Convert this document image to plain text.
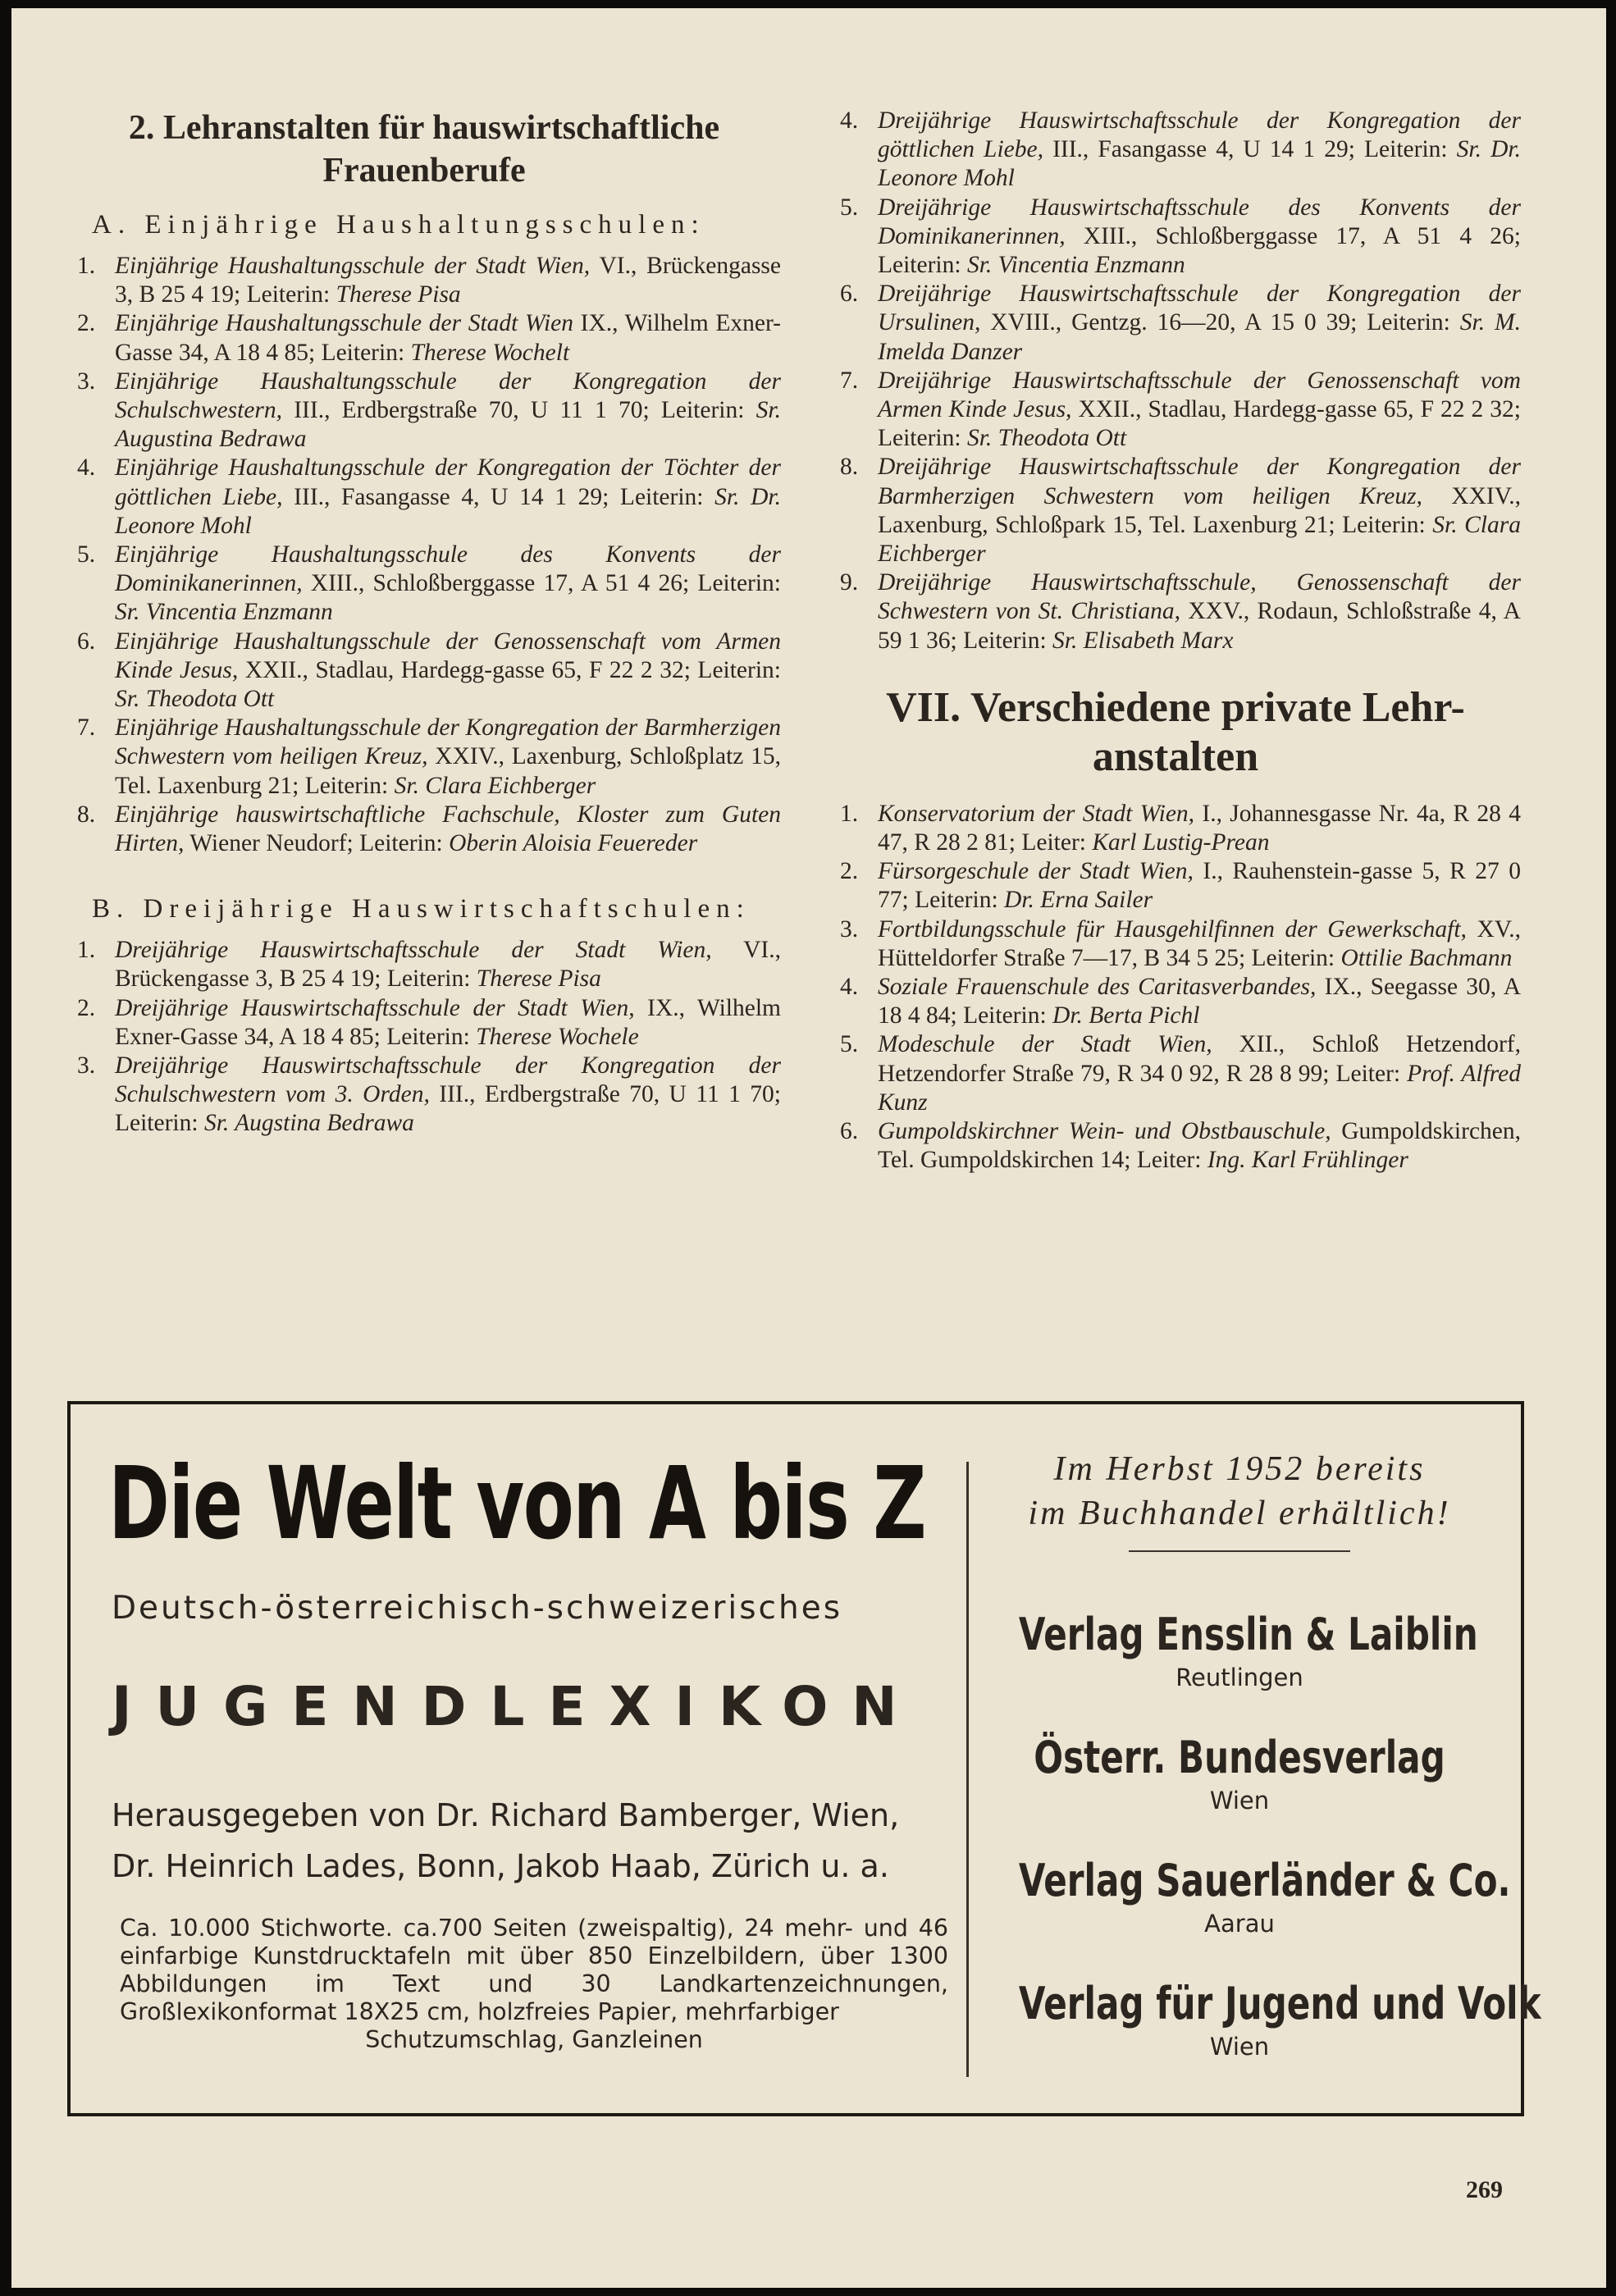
2. Lehranstalten für hauswirtschaftliche Frauenberufe
A. Einjährige Haushaltungsschulen:
1. Einjährige Haushaltungsschule der Stadt Wien, VI., Brückengasse 3, B 25 4 19; Leiterin: Therese Pisa
2. Einjährige Haushaltungsschule der Stadt Wien IX., Wilhelm Exner-Gasse 34, A 18 4 85; Leiterin: Therese Wochelt
3. Einjährige Haushaltungsschule der Kongregation der Schulschwestern, III., Erdbergstraße 70, U 11 1 70; Leiterin: Sr. Augustina Bedrawa
4. Einjährige Haushaltungsschule der Kongregation der Töchter der göttlichen Liebe, III., Fasangasse 4, U 14 1 29; Leiterin: Sr. Dr. Leonore Mohl
5. Einjährige Haushaltungsschule des Konvents der Dominikanerinnen, XIII., Schloßberggasse 17, A 51 4 26; Leiterin: Sr. Vincentia Enzmann
6. Einjährige Haushaltungsschule der Genossenschaft vom Armen Kinde Jesus, XXII., Stadlau, Hardegg-gasse 65, F 22 2 32; Leiterin: Sr. Theodota Ott
7. Einjährige Haushaltungsschule der Kongregation der Barmherzigen Schwestern vom heiligen Kreuz, XXIV., Laxenburg, Schloßplatz 15, Tel. Laxenburg 21; Leiterin: Sr. Clara Eichberger
8. Einjährige hauswirtschaftliche Fachschule, Kloster zum Guten Hirten, Wiener Neudorf; Leiterin: Oberin Aloisia Feuereder
B. Dreijährige Hauswirtschaftschulen:
1. Dreijährige Hauswirtschaftsschule der Stadt Wien, VI., Brückengasse 3, B 25 4 19; Leiterin: Therese Pisa
2. Dreijährige Hauswirtschaftsschule der Stadt Wien, IX., Wilhelm Exner-Gasse 34, A 18 4 85; Leiterin: Therese Wochele
3. Dreijährige Hauswirtschaftsschule der Kongregation der Schulschwestern vom 3. Orden, III., Erdbergstraße 70, U 11 1 70; Leiterin: Sr. Augstina Bedrawa
4. Dreijährige Hauswirtschaftsschule der Kongregation der göttlichen Liebe, III., Fasangasse 4, U 14 1 29; Leiterin: Sr. Dr. Leonore Mohl
5. Dreijährige Hauswirtschaftsschule des Konvents der Dominikanerinnen, XIII., Schloßberggasse 17, A 51 4 26; Leiterin: Sr. Vincentia Enzmann
6. Dreijährige Hauswirtschaftsschule der Kongregation der Ursulinen, XVIII., Gentzg. 16—20, A 15 0 39; Leiterin: Sr. M. Imelda Danzer
7. Dreijährige Hauswirtschaftsschule der Genossenschaft vom Armen Kinde Jesus, XXII., Stadlau, Hardegg-gasse 65, F 22 2 32; Leiterin: Sr. Theodota Ott
8. Dreijährige Hauswirtschaftsschule der Kongregation der Barmherzigen Schwestern vom heiligen Kreuz, XXIV., Laxenburg, Schloßpark 15, Tel. Laxenburg 21; Leiterin: Sr. Clara Eichberger
9. Dreijährige Hauswirtschaftsschule, Genossenschaft der Schwestern von St. Christiana, XXV., Rodaun, Schloßstraße 4, A 59 1 36; Leiterin: Sr. Elisabeth Marx
VII. Verschiedene private Lehr-anstalten
1. Konservatorium der Stadt Wien, I., Johannesgasse Nr. 4a, R 28 4 47, R 28 2 81; Leiter: Karl Lustig-Prean
2. Fürsorgeschule der Stadt Wien, I., Rauhenstein-gasse 5, R 27 0 77; Leiterin: Dr. Erna Sailer
3. Fortbildungsschule für Hausgehilfinnen der Gewerkschaft, XV., Hütteldorfer Straße 7—17, B 34 5 25; Leiterin: Ottilie Bachmann
4. Soziale Frauenschule des Caritasverbandes, IX., Seegasse 30, A 18 4 84; Leiterin: Dr. Berta Pichl
5. Modeschule der Stadt Wien, XII., Schloß Hetzendorf, Hetzendorfer Straße 79, R 34 0 92, R 28 8 99; Leiter: Prof. Alfred Kunz
6. Gumpoldskirchner Wein- und Obstbauschule, Gumpoldskirchen, Tel. Gumpoldskirchen 14; Leiter: Ing. Karl Frühlinger
Die Welt von A bis Z
Deutsch-österreichisch-schweizerisches
JUGENDLEXIKON
Herausgegeben von Dr. Richard Bamberger, Wien,
Dr. Heinrich Lades, Bonn, Jakob Haab, Zürich u. a.
Ca. 10.000 Stichworte. ca.700 Seiten (zweispaltig), 24 mehr- und 46 einfarbige Kunstdrucktafeln mit über 850 Einzelbildern, über 1300 Abbildungen im Text und 30 Landkartenzeichnungen, Großlexikonformat 18X25 cm, holzfreies Papier, mehrfarbiger
Schutzumschlag, Ganzleinen
Im Herbst 1952 bereits
im Buchhandel erhältlich!
Verlag Ensslin & Laiblin
Reutlingen
Österr. Bundesverlag
Wien
Verlag Sauerländer & Co.
Aarau
Verlag für Jugend und Volk
Wien
269
